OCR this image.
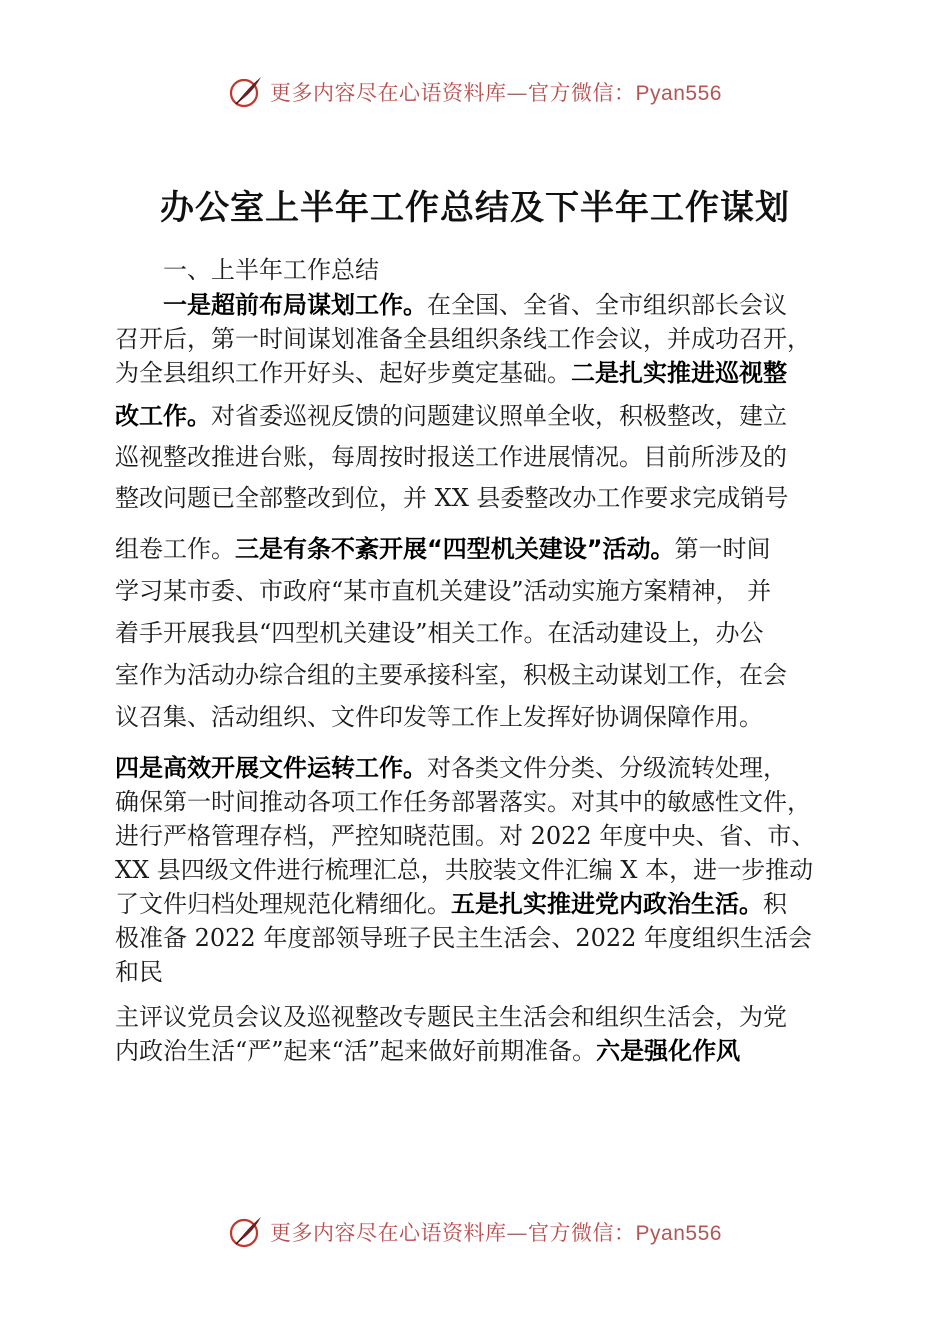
更多内容尽在心语资料库—官方微信：Pyan556
办公室上半年工作总结及下半年工作谋划
一、上半年工作总结
一是超前布局谋划工作。在全国、全省、全市组织部长会议
召开后，第一时间谋划准备全县组织条线工作会议，并成功召开，
为全县组织工作开好头、起好步奠定基础。二是扎实推进巡视整
改工作。对省委巡视反馈的问题建议照单全收，积极整改，建立
巡视整改推进台账，每周按时报送工作进展情况。目前所涉及的
整改问题已全部整改到位，并 XX 县委整改办工作要求完成销号
组卷工作。三是有条不紊开展“四型机关建设”活动。第一时间
学习某市委、市政府“某市直机关建设”活动实施方案精神， 并
着手开展我县“四型机关建设”相关工作。在活动建设上，办公
室作为活动办综合组的主要承接科室，积极主动谋划工作，在会
议召集、活动组织、文件印发等工作上发挥好协调保障作用。
四是高效开展文件运转工作。对各类文件分类、分级流转处理，
确保第一时间推动各项工作任务部署落实。对其中的敏感性文件，
进行严格管理存档，严控知晓范围。对 2022 年度中央、省、市、
XX 县四级文件进行梳理汇总，共胶装文件汇编 X 本，进一步推动
了文件归档处理规范化精细化。五是扎实推进党内政治生活。积
极准备 2022 年度部领导班子民主生活会、2022 年度组织生活会
和民
主评议党员会议及巡视整改专题民主生活会和组织生活会，为党
内政治生活“严”起来“活”起来做好前期准备。六是强化作风
更多内容尽在心语资料库—官方微信：Pyan556
